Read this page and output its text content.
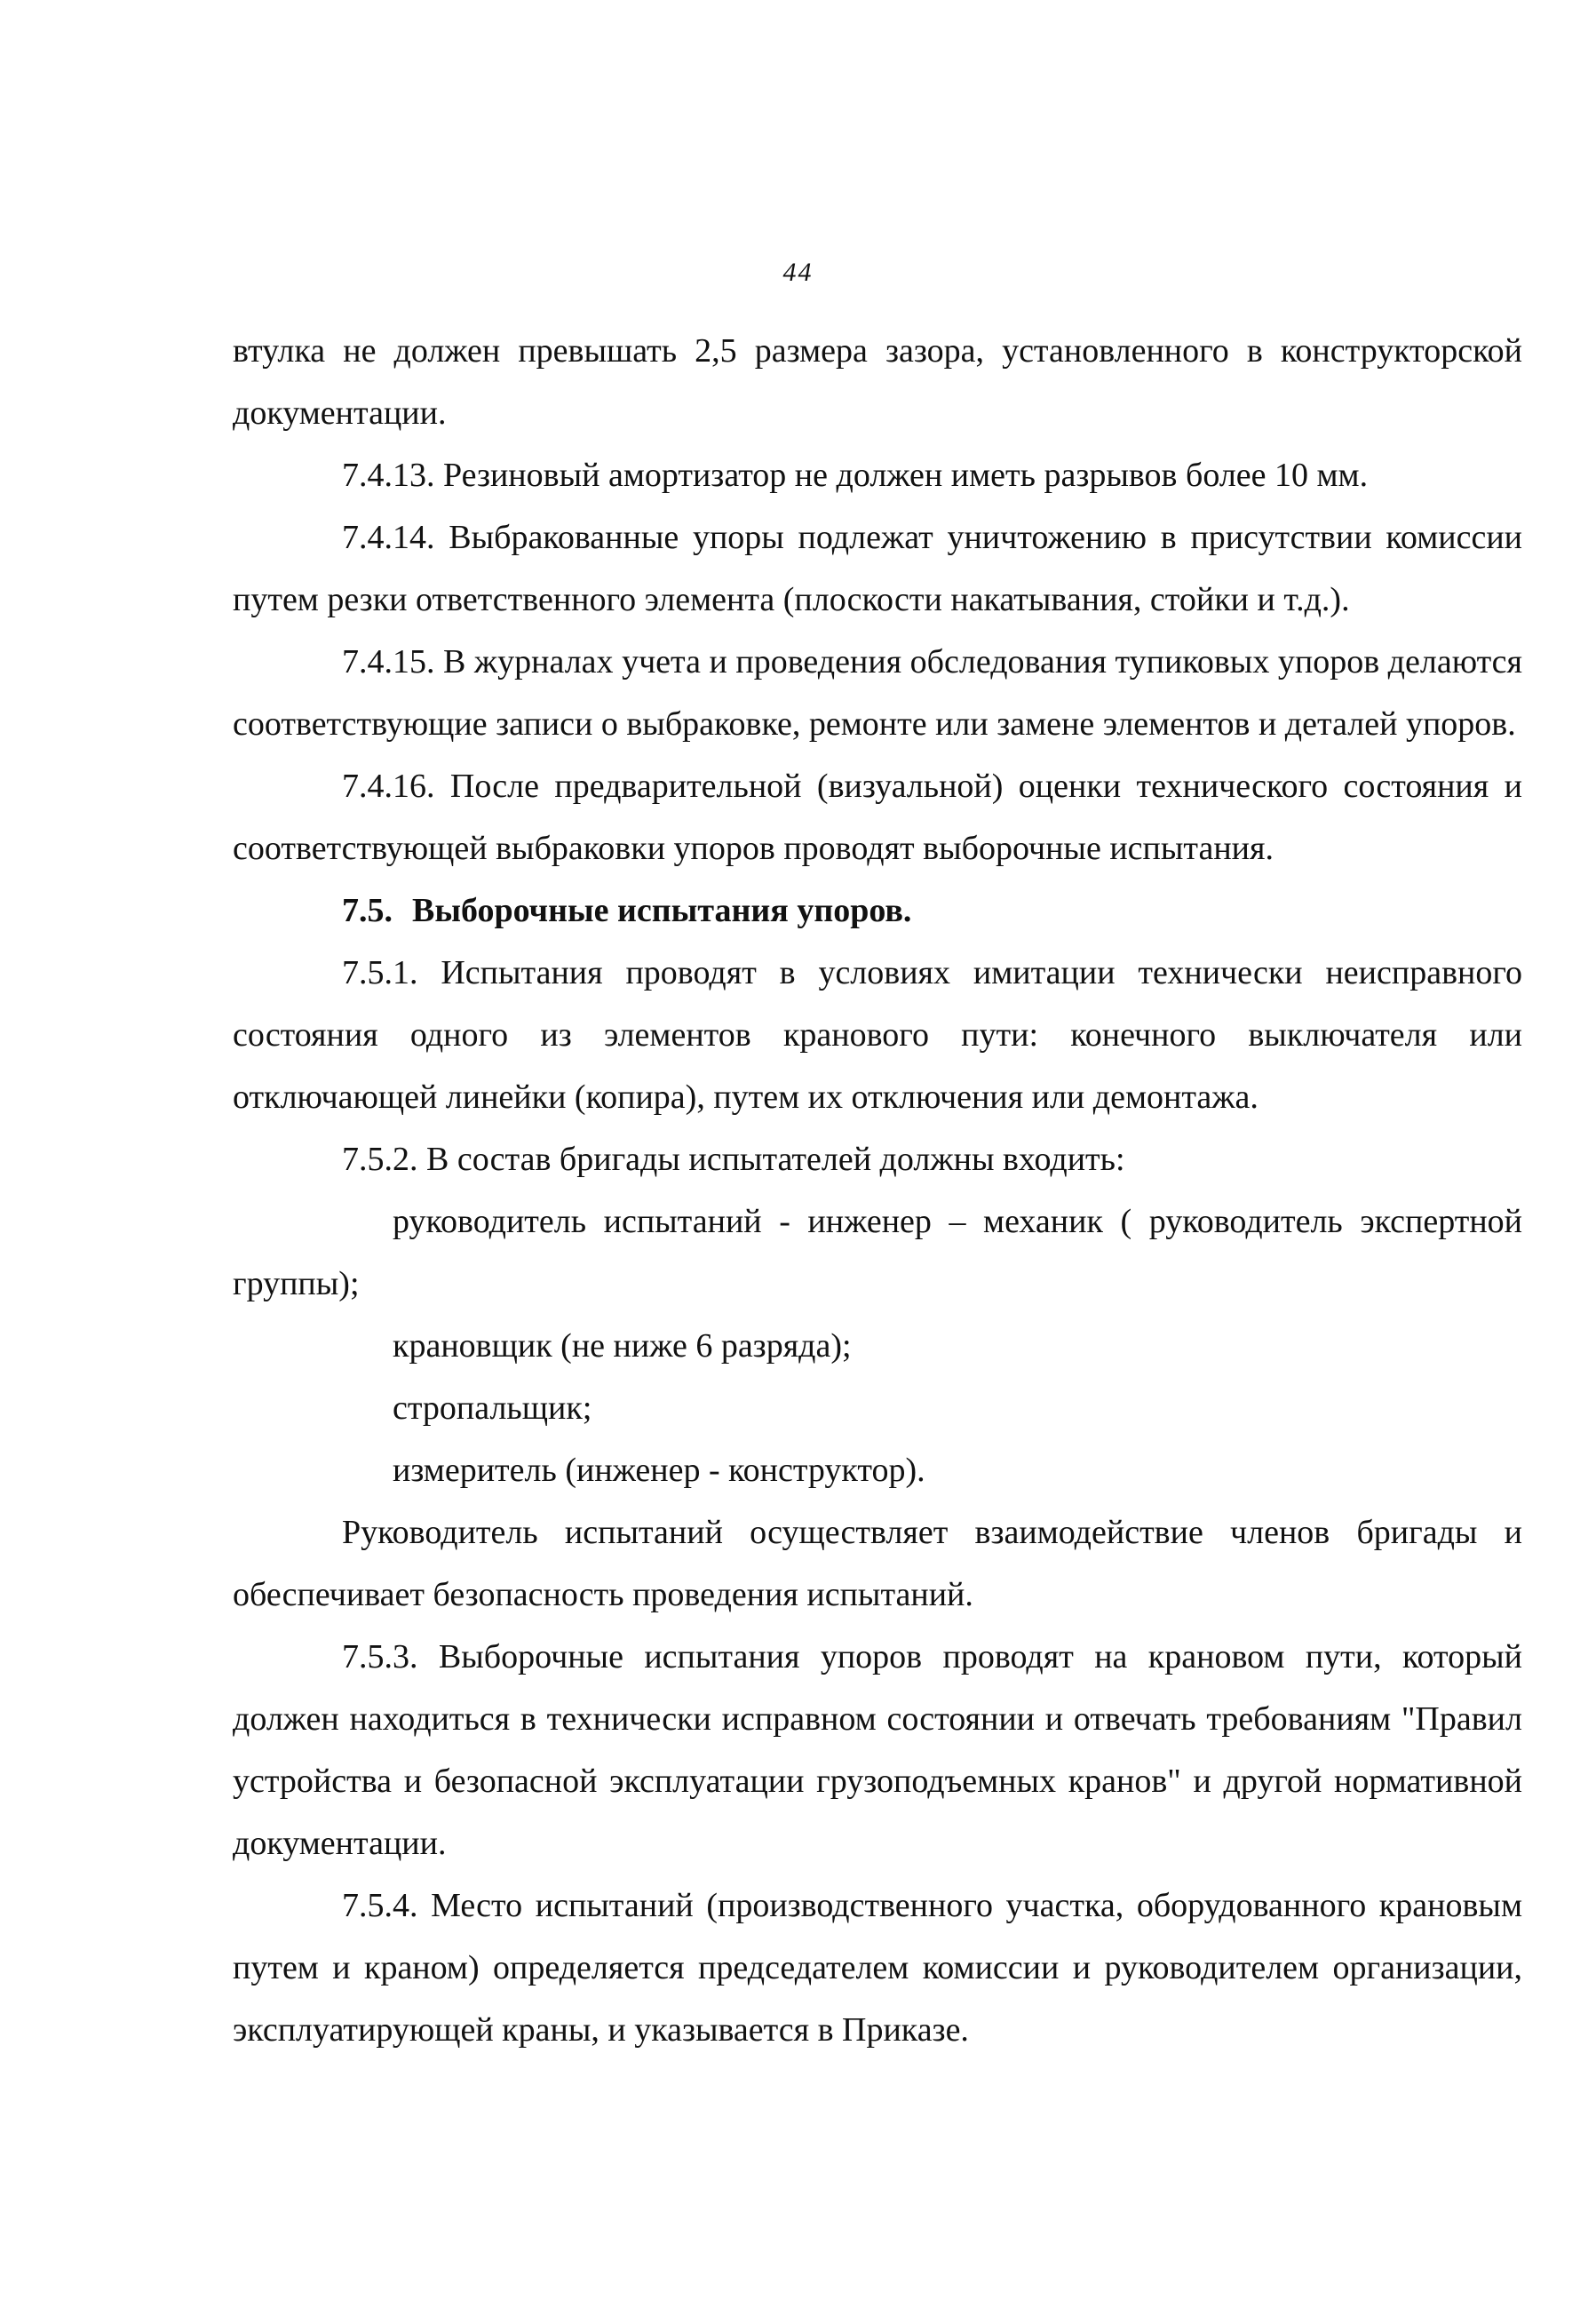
44

втулка не должен превышать 2,5 размера зазора, установленного в конструкторской документации.

7.4.13. Резиновый амортизатор не должен иметь разрывов более 10 мм.

7.4.14. Выбракованные упоры подлежат уничтожению в присутствии комиссии путем резки ответственного элемента (плоскости накатывания, стойки и т.д.).

7.4.15. В журналах учета и проведения обследования тупиковых упоров делаются соответствующие записи о выбраковке, ремонте или замене элементов и деталей упоров.

7.4.16. После предварительной (визуальной) оценки технического состояния и соответствующей выбраковки упоров проводят выборочные испытания.

7.5. Выборочные испытания упоров.

7.5.1. Испытания проводят в условиях имитации технически неисправного состояния одного из элементов кранового пути: конечного выключателя или отключающей линейки (копира), путем их отключения или демонтажа.

7.5.2. В состав бригады испытателей должны входить:

руководитель испытаний - инженер – механик ( руководитель экспертной группы);

крановщик (не ниже 6 разряда);

стропальщик;

измеритель (инженер - конструктор).

Руководитель испытаний осуществляет взаимодействие членов бригады и обеспечивает безопасность проведения испытаний.

7.5.3. Выборочные испытания упоров проводят на крановом пути, который должен находиться в технически исправном состоянии и отвечать требованиям "Правил устройства и безопасной эксплуатации грузоподъемных кранов" и другой нормативной документации.

7.5.4. Место испытаний (производственного участка, оборудованного крановым путем и краном) определяется председателем комиссии и руководителем организации, эксплуатирующей краны, и указывается в Приказе.
